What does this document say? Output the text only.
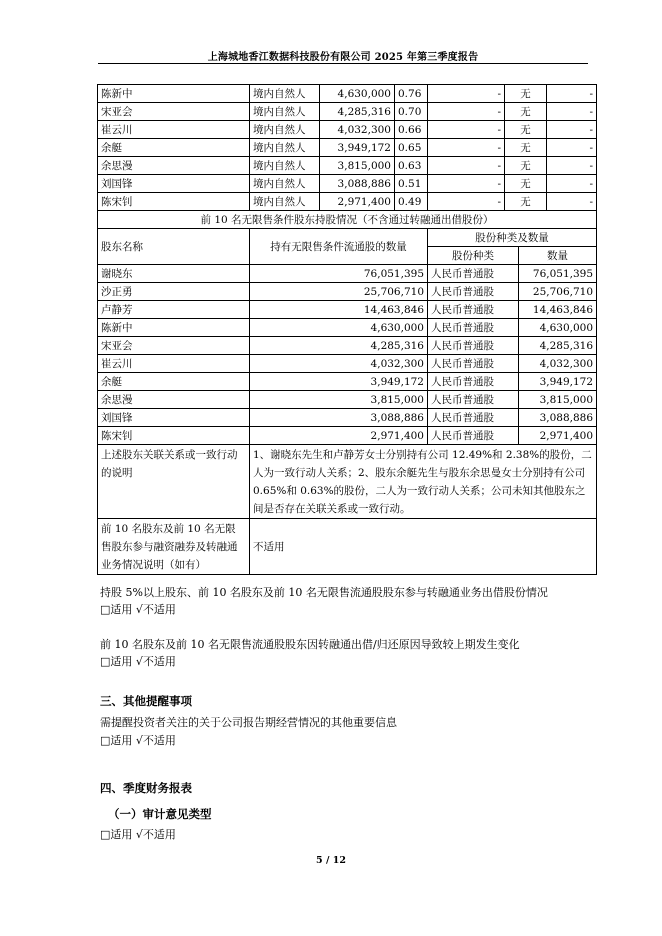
上海城地香江数据科技股份有限公司 2025 年第三季度报告
陈新中	境内自然人	4,630,000	0.76	-	无	-
宋亚会	境内自然人	4,285,316	0.70	-	无	-
崔云川	境内自然人	4,032,300	0.66	-	无	-
余艇	境内自然人	3,949,172	0.65	-	无	-
余思漫	境内自然人	3,815,000	0.63	-	无	-
刘国锋	境内自然人	3,088,886	0.51	-	无	-
陈宋钊	境内自然人	2,971,400	0.49	-	无	-
前 10 名无限售条件股东持股情况（不含通过转融通出借股份）			
股东名称	持有无限售条件流通股的数量	股份种类及数量	
		股份种类	数量
谢晓东	76,051,395	人民币普通股	76,051,395
沙正勇	25,706,710	人民币普通股	25,706,710
卢静芳	14,463,846	人民币普通股	14,463,846
陈新中	4,630,000	人民币普通股	4,630,000
宋亚会	4,285,316	人民币普通股	4,285,316
崔云川	4,032,300	人民币普通股	4,032,300
余艇	3,949,172	人民币普通股	3,949,172
余思漫	3,815,000	人民币普通股	3,815,000
刘国锋	3,088,886	人民币普通股	3,088,886
陈宋钊	2,971,400	人民币普通股	2,971,400
上述股东关联关系或一致行动的说明	1、谢晓东先生和卢静芳女士分别持有公司 12.49%和 2.38%的股份，二人为一致行动人关系；2、股东余艇先生与股东余思曼女士分别持有公司 0.65%和 0.63%的股份，二人为一致行动人关系；公司未知其他股东之间是否存在关联关系或一致行动。		
前 10 名股东及前 10 名无限售股东参与融资融券及转融通业务情况说明（如有）	不适用		
持股 5%以上股东、前 10 名股东及前 10 名无限售流通股股东参与转融通业务出借股份情况
□适用 √不适用
前 10 名股东及前 10 名无限售流通股股东因转融通出借/归还原因导致较上期发生变化
□适用 √不适用
三、其他提醒事项
需提醒投资者关注的关于公司报告期经营情况的其他重要信息
□适用 √不适用
四、季度财务报表
（一）审计意见类型
□适用 √不适用
5 / 12
